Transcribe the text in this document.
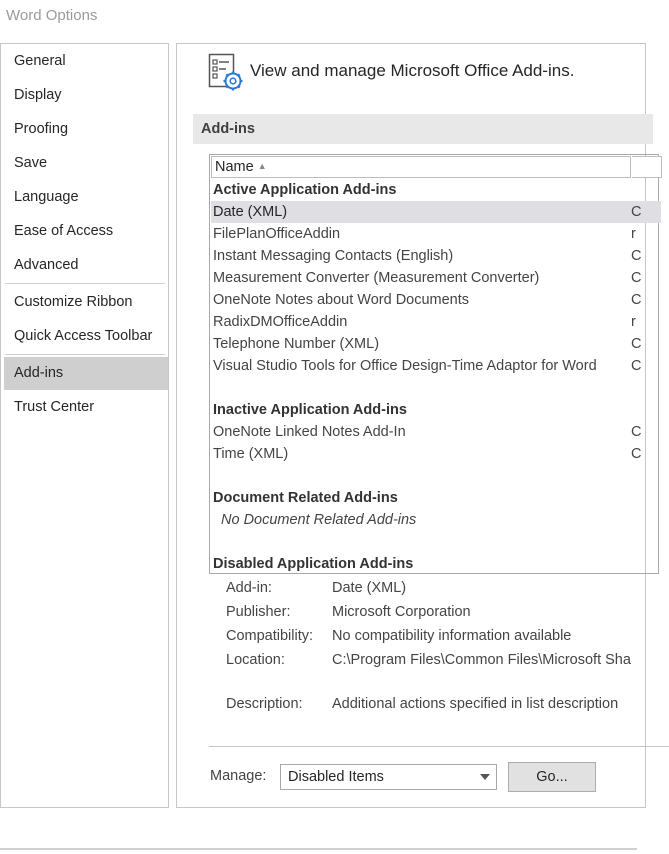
Word Options
General
Display
Proofing
Save
Language
Ease of Access
Advanced
Customize Ribbon
Quick Access Toolbar
Add-ins
Trust Center
View and manage Microsoft Office Add-ins.
Add-ins
Name ▲
Active Application Add-ins
Date (XML)	C
FilePlanOfficeAddin	r
Instant Messaging Contacts (English)	C
Measurement Converter (Measurement Converter)	C
OneNote Notes about Word Documents	C
RadixDMOfficeAddin	r
Telephone Number (XML)	C
Visual Studio Tools for Office Design-Time Adaptor for Word C
Inactive Application Add-ins
OneNote Linked Notes Add-In	C
Time (XML)	C
Document Related Add-ins
No Document Related Add-ins
Disabled Application Add-ins
Add-in:	Date (XML)
Publisher:	Microsoft Corporation
Compatibility: No compatibility information available
Location:	C:\Program Files\Common Files\Microsoft Sha
Description: Additional actions specified in list description
Manage:	Disabled Items	Go...
